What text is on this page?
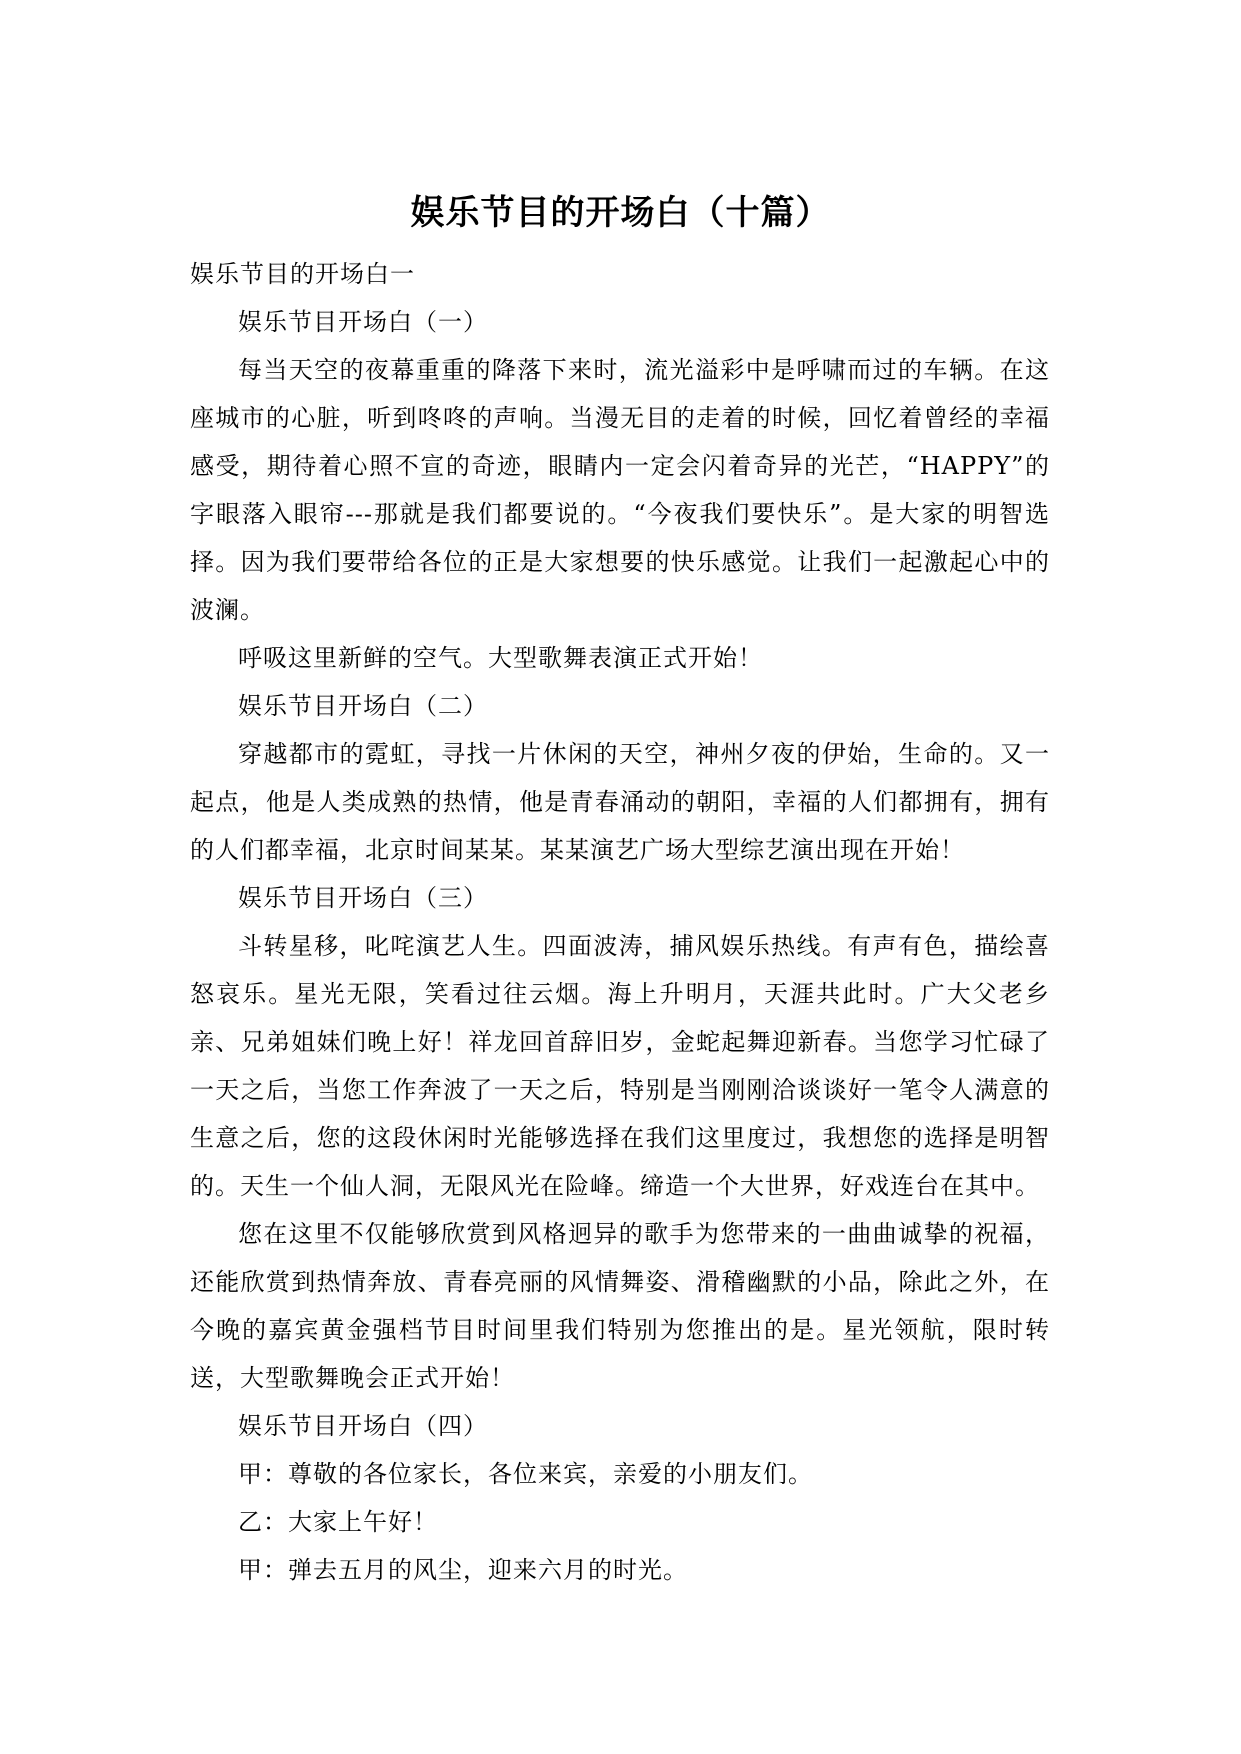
娱乐节目的开场白（十篇）

娱乐节目的开场白一

娱乐节目开场白（一）

每当天空的夜幕重重的降落下来时，流光溢彩中是呼啸而过的车辆。在这座城市的心脏，听到咚咚的声响。当漫无目的走着的时候，回忆着曾经的幸福感受，期待着心照不宣的奇迹，眼睛内一定会闪着奇异的光芒，“HAPPY”的字眼落入眼帘---那就是我们都要说的。“今夜我们要快乐”。是大家的明智选择。因为我们要带给各位的正是大家想要的快乐感觉。让我们一起激起心中的波澜。

呼吸这里新鲜的空气。大型歌舞表演正式开始！

娱乐节目开场白（二）

穿越都市的霓虹，寻找一片休闲的天空，神州夕夜的伊始，生命的。又一起点，他是人类成熟的热情，他是青春涌动的朝阳，幸福的人们都拥有，拥有的人们都幸福，北京时间某某。某某演艺广场大型综艺演出现在开始！

娱乐节目开场白（三）

斗转星移，叱咤演艺人生。四面波涛，捕风娱乐热线。有声有色，描绘喜怒哀乐。星光无限，笑看过往云烟。海上升明月，天涯共此时。广大父老乡亲、兄弟姐妹们晚上好！祥龙回首辞旧岁，金蛇起舞迎新春。当您学习忙碌了一天之后，当您工作奔波了一天之后，特别是当刚刚洽谈谈好一笔令人满意的生意之后，您的这段休闲时光能够选择在我们这里度过，我想您的选择是明智的。天生一个仙人洞，无限风光在险峰。缔造一个大世界，好戏连台在其中。

您在这里不仅能够欣赏到风格迥异的歌手为您带来的一曲曲诚挚的祝福，还能欣赏到热情奔放、青春亮丽的风情舞姿、滑稽幽默的小品，除此之外，在今晚的嘉宾黄金强档节目时间里我们特别为您推出的是。星光领航，限时转送，大型歌舞晚会正式开始！

娱乐节目开场白（四）

甲：尊敬的各位家长，各位来宾，亲爱的小朋友们。

乙：大家上午好！

甲：弹去五月的风尘，迎来六月的时光。
